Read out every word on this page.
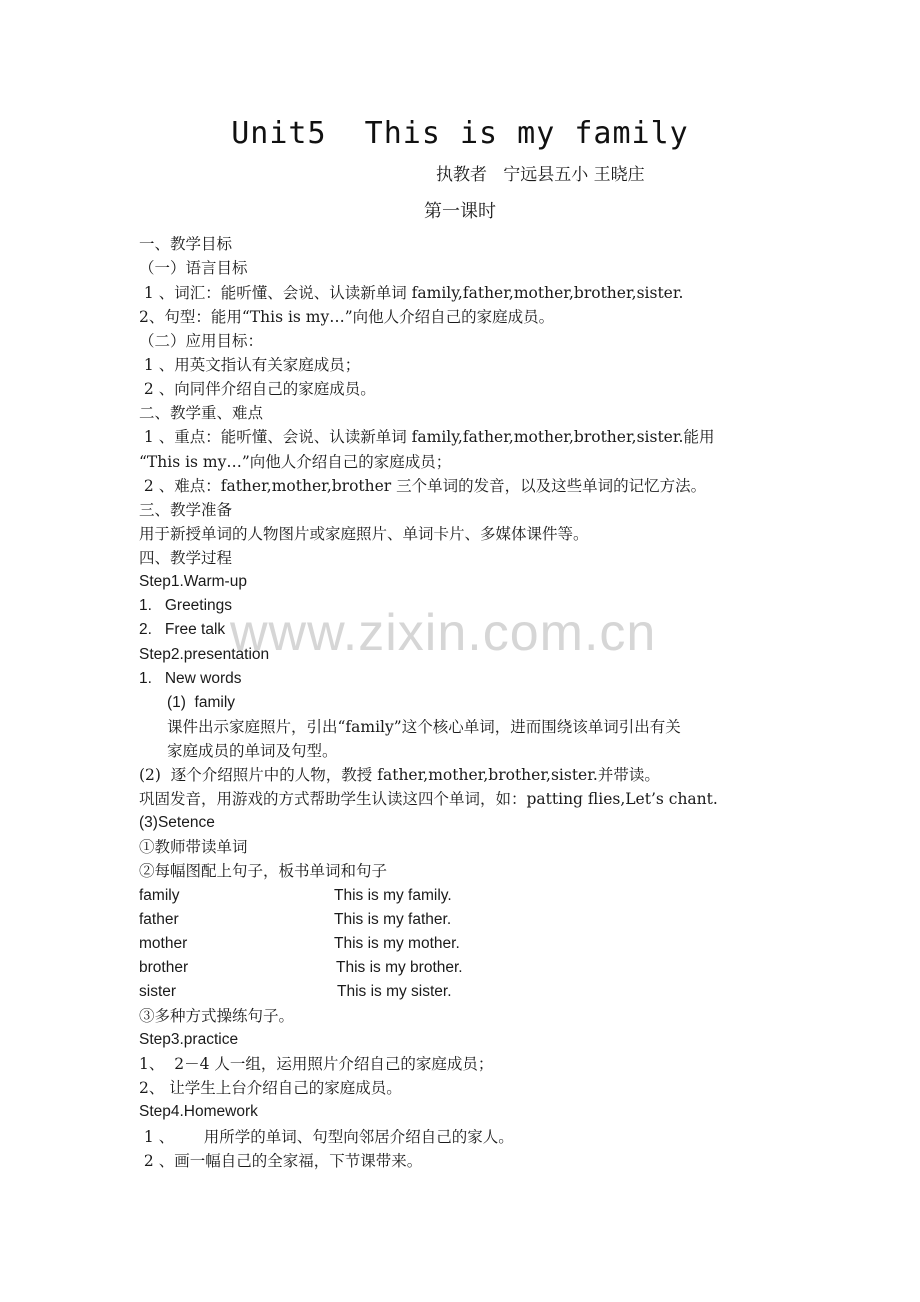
Unit5  This is my family
执教者   宁远县五小 王晓庄
第一课时
一、教学目标
（一）语言目标
1 、词汇：能听懂、会说、认读新单词 family,father,mother,brother,sister.
2、句型：能用“This is my…”向他人介绍自己的家庭成员。
（二）应用目标：
1 、用英文指认有关家庭成员；
2 、向同伴介绍自己的家庭成员。
二、教学重、难点
1 、重点：能听懂、会说、认读新单词 family,father,mother,brother,sister.能用
“This is my…”向他人介绍自己的家庭成员；
2 、难点：father,mother,brother 三个单词的发音，以及这些单词的记忆方法。
三、教学准备
用于新授单词的人物图片或家庭照片、单词卡片、多媒体课件等。
四、教学过程
Step1.Warm-up
1.   Greetings
2.   Free talk
Step2.presentation
1.   New words
(1)  family
课件出示家庭照片，引出“family”这个核心单词，进而围绕该单词引出有关
家庭成员的单词及句型。
(2)  逐个介绍照片中的人物，教授 father,mother,brother,sister.并带读。
巩固发音，用游戏的方式帮助学生认读这四个单词，如：patting flies,Let’s chant.
(3)Setence
①教师带读单词
②每幅图配上句子，板书单词和句子
family	This is my family.
father	This is my father.
mother	This is my mother.
brother	This is my brother.
sister	This is my sister.
③多种方式操练句子。
Step3.practice
1、  2－4 人一组，运用照片介绍自己的家庭成员；
2、 让学生上台介绍自己的家庭成员。
Step4.Homework
1 、      用所学的单词、句型向邻居介绍自己的家人。
2 、画一幅自己的全家福，下节课带来。
www.zixin.com.cn
